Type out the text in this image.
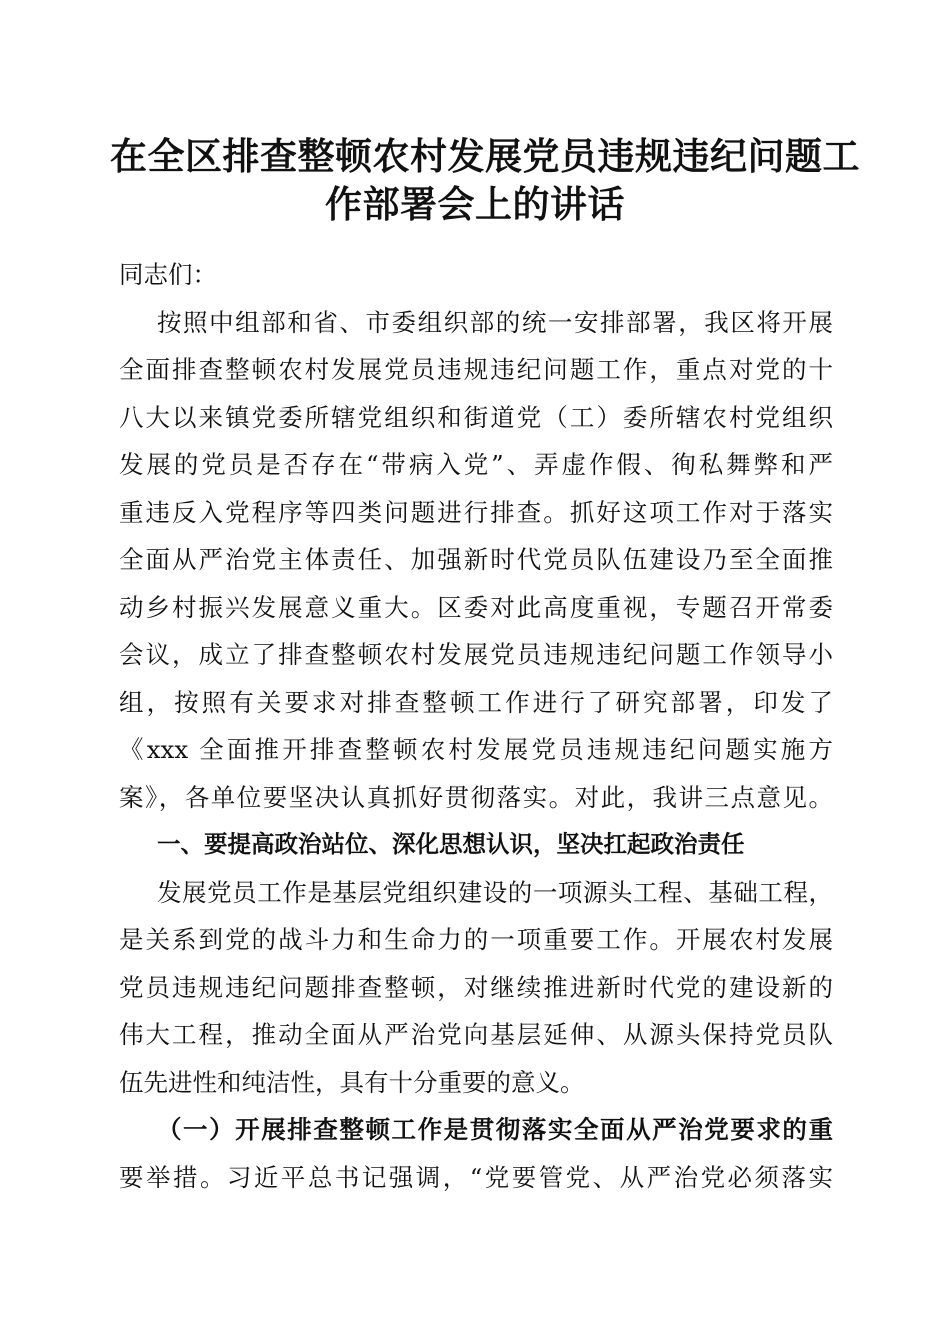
在全区排查整顿农村发展党员违规违纪问题工
作部署会上的讲话
同志们：
按照中组部和省、市委组织部的统一安排部署，我区将开展
全面排查整顿农村发展党员违规违纪问题工作，重点对党的十
八大以来镇党委所辖党组织和街道党（工）委所辖农村党组织
发展的党员是否存在“带病入党”、弄虚作假、徇私舞弊和严
重违反入党程序等四类问题进行排查。抓好这项工作对于落实
全面从严治党主体责任、加强新时代党员队伍建设乃至全面推
动乡村振兴发展意义重大。区委对此高度重视，专题召开常委
会议，成立了排查整顿农村发展党员违规违纪问题工作领导小
组，按照有关要求对排查整顿工作进行了研究部署，印发了
《xxx 全面推开排查整顿农村发展党员违规违纪问题实施方
案》，各单位要坚决认真抓好贯彻落实。对此，我讲三点意见。
一、要提高政治站位、深化思想认识，坚决扛起政治责任
发展党员工作是基层党组织建设的一项源头工程、基础工程，
是关系到党的战斗力和生命力的一项重要工作。开展农村发展
党员违规违纪问题排查整顿，对继续推进新时代党的建设新的
伟大工程，推动全面从严治党向基层延伸、从源头保持党员队
伍先进性和纯洁性，具有十分重要的意义。
（一）开展排查整顿工作是贯彻落实全面从严治党要求的重
要举措。习近平总书记强调，“党要管党、从严治党必须落实
